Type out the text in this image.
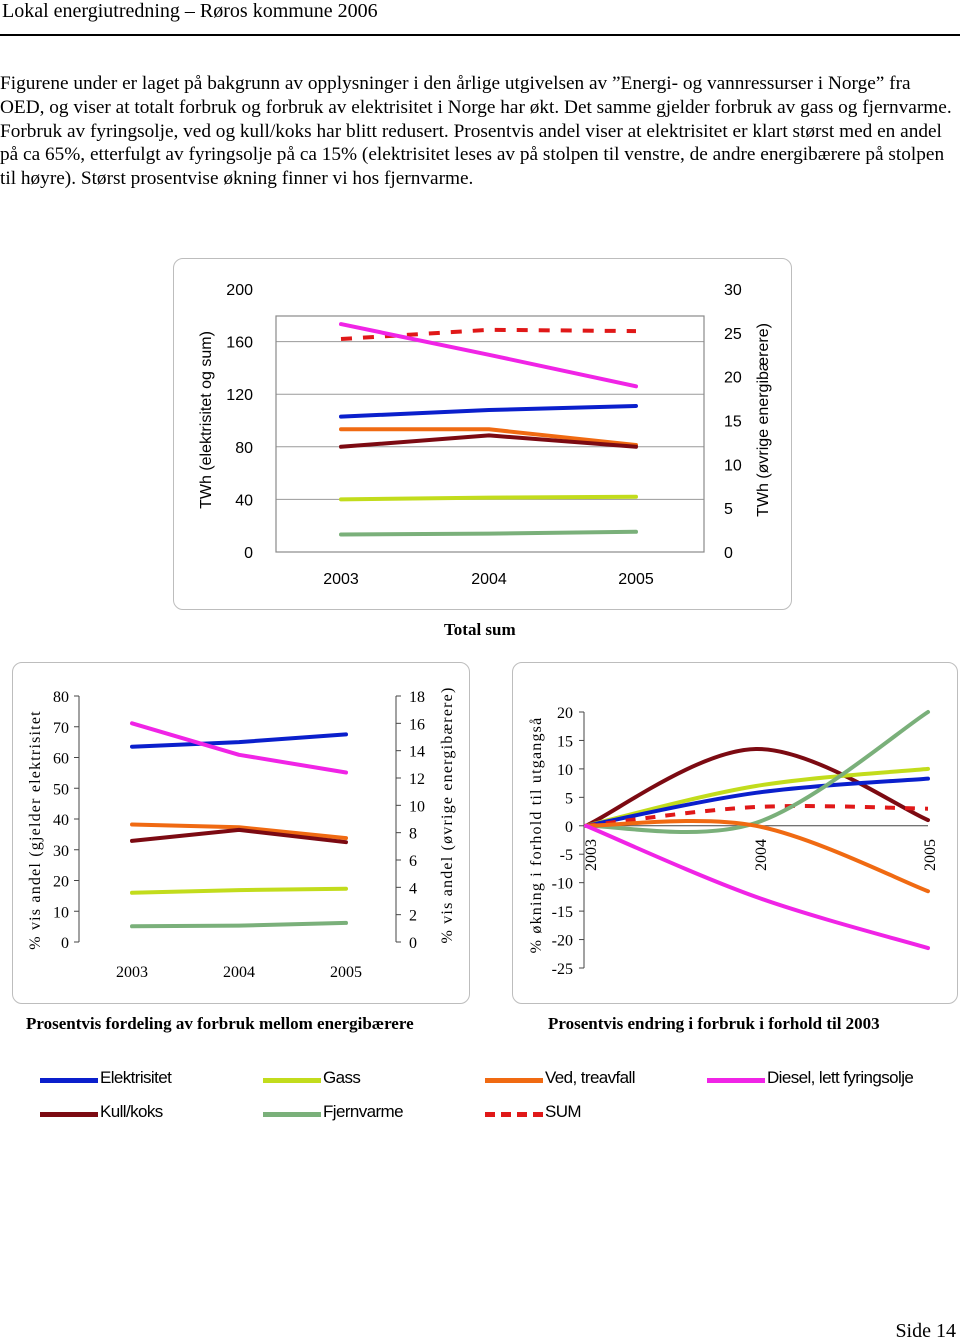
Lokal energiutredning – Røros kommune 2006

Figurene under er laget på bakgrunn av opplysninger i den årlige utgivelsen av ”Energi- og vannressurser i Norge” fra OED, og viser at totalt forbruk og forbruk av elektrisitet i Norge har økt. Det samme gjelder forbruk av gass og fjernvarme. Forbruk av fyringsolje, ved og kull/koks har blitt redusert. Prosentvis andel viser at elektrisitet er klart størst med en andel på ca 65%, etterfulgt av fyringsolje på ca 15% (elektrisitet leses av på stolpen til venstre, de andre energibærere på stolpen til høyre). Størst prosentvise økning finner vi hos fjernvarme.

0
40
80
120
160
200
0
5
10
15
20
25
30
2003	2004	2005
TWh (elektrisitet og sum)	TWh (øvrige energibærere)
Total sum
0
10
20
30
40
50
60
70
80
0
2
4
6
8
10
12
14
16
18
2003	2004	2005
% vis andel (gjelder elektrisitet	% vis andel (øvrige energibærere)
Prosentvis fordeling av forbruk mellom energibærere
-25
-20
-15
-10
-5
0
5
10
15
20
2003	2004	2005
% økning i forhold til utgangså
Prosentvis endring i forbruk i forhold til 2003
Elektrisitet	Gass	Ved, treavfall	Diesel, lett fyringsolje
Kull/koks	Fjernvarme	SUM
Side 14
